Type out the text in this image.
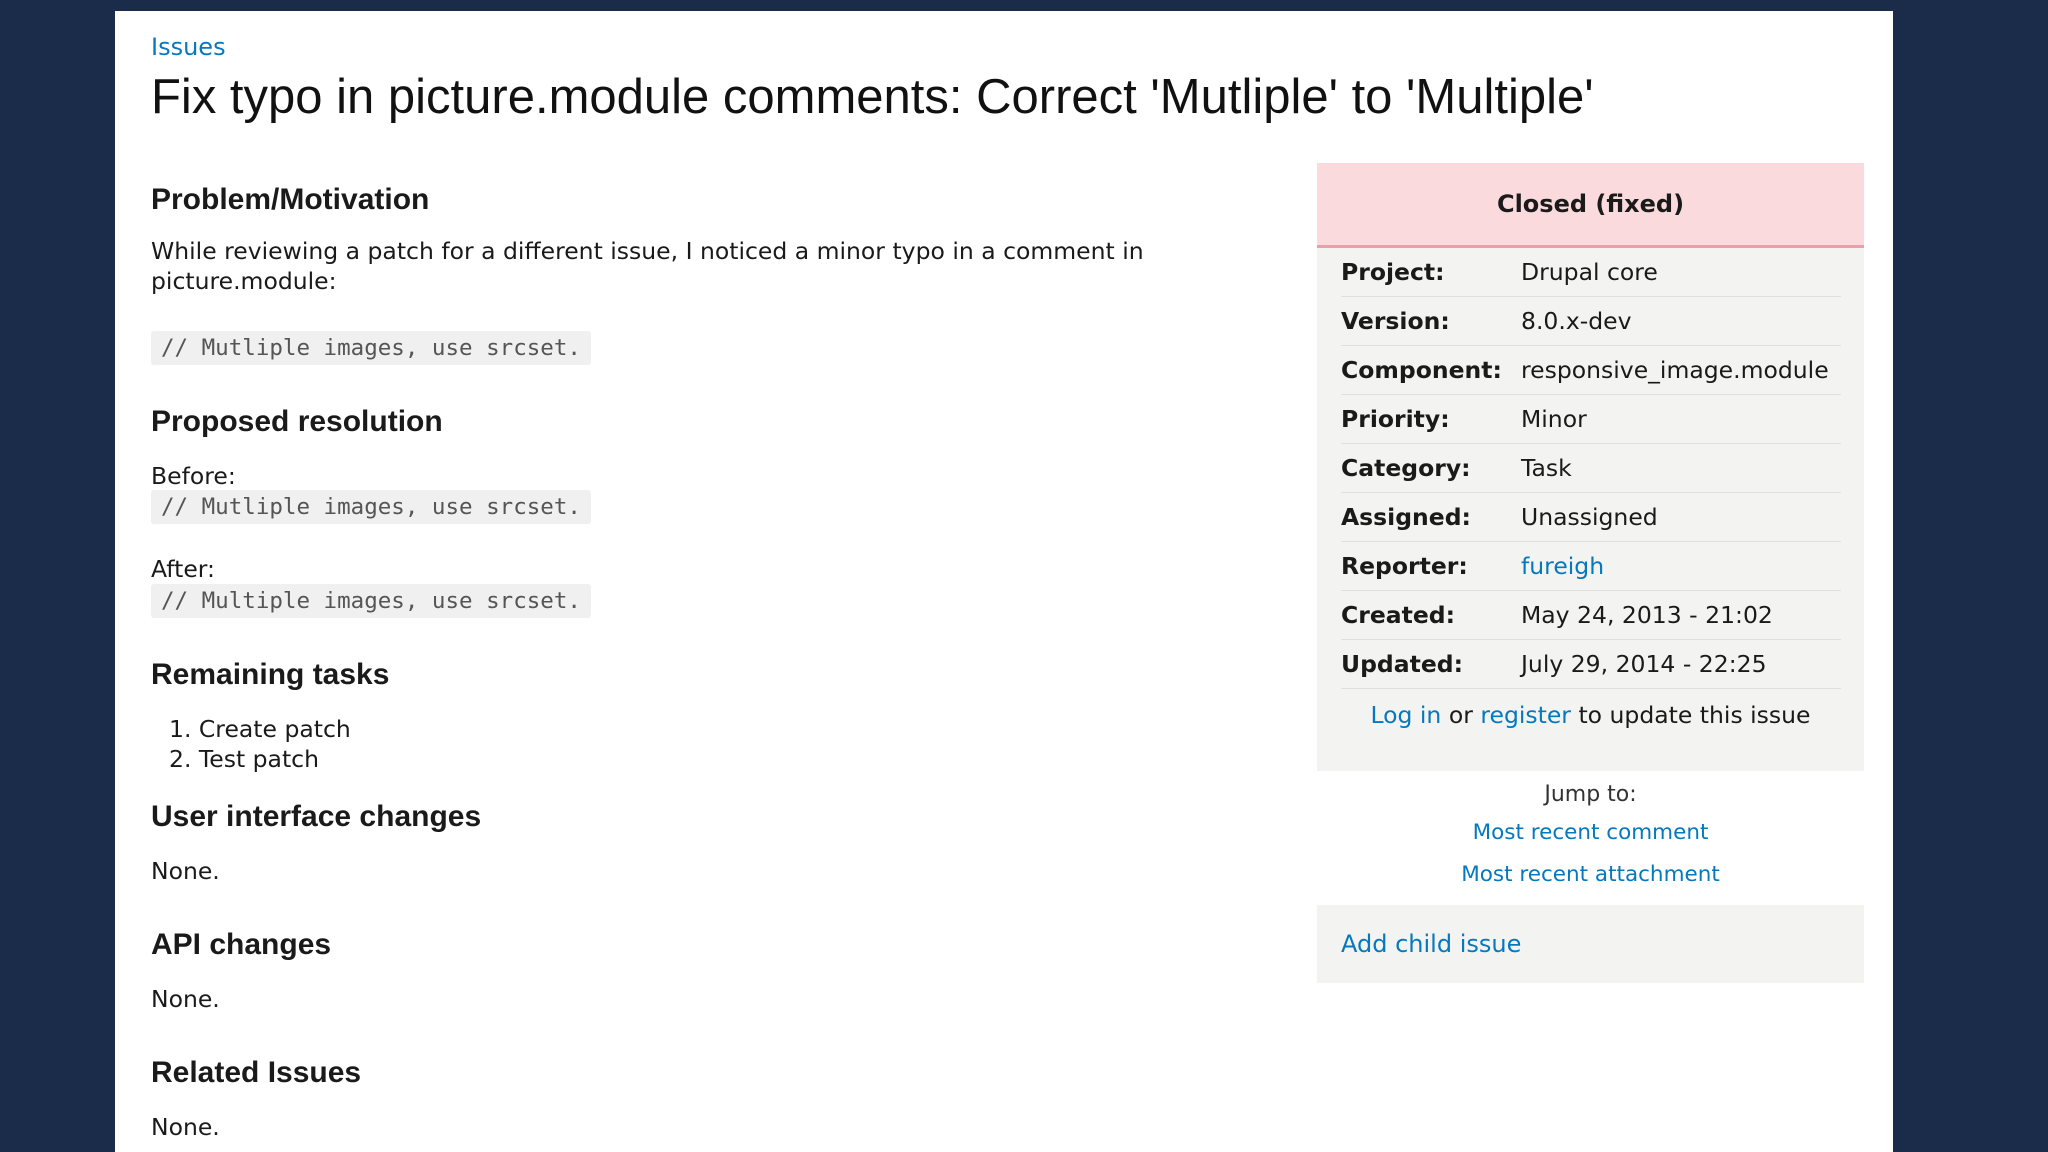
Issues
Fix typo in picture.module comments: Correct 'Mutliple' to 'Multiple'
Problem/Motivation

While reviewing a patch for a different issue, I noticed a minor typo in a comment in picture.module:

// Mutliple images, use srcset.
Proposed resolution

Before:

// Mutliple images, use srcset.

After:

// Multiple images, use srcset.
Remaining tasks
1. Create patch
2. Test patch
User interface changes

None.

API changes

None.

Related Issues

None.

Closed (fixed)
Project:	Drupal core
Version:	8.0.x-dev
Component: responsive_image.module
Priority:	Minor
Category:	Task
Assigned:	Unassigned
Reporter:	fureigh
Created:	May 24, 2013 - 21:02
Updated:	July 29, 2014 - 22:25
Log in or register to update this issue
Jump to:
Most recent comment
Most recent attachment
Add child issue
